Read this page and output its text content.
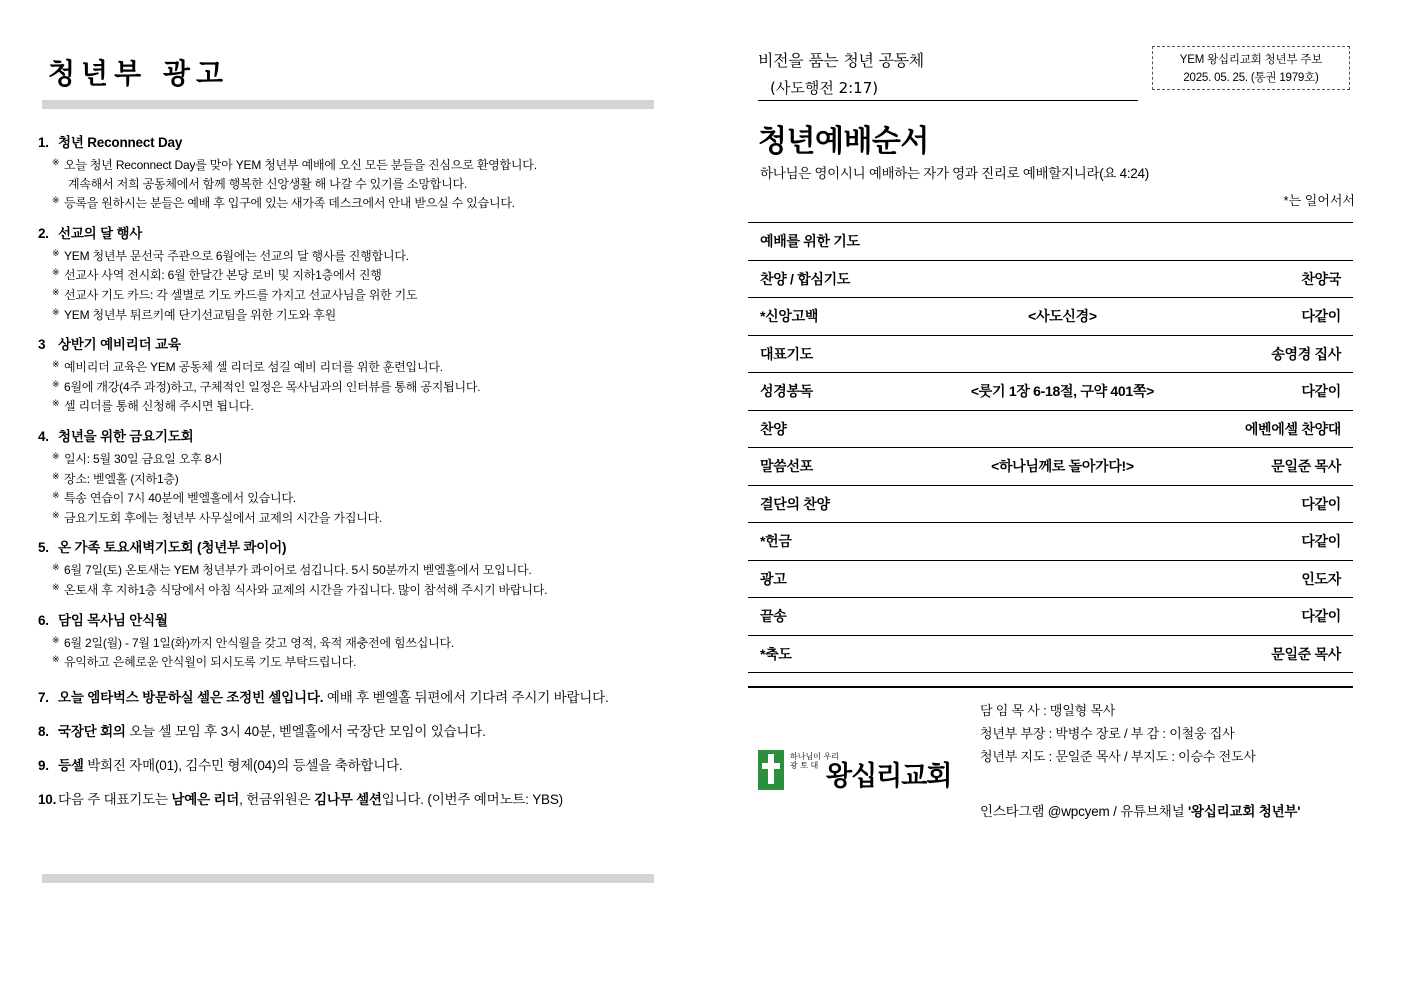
청년부 광고
1. 청년 Reconnect Day
※ 오늘 청년 Reconnect Day를 맞아 YEM 청년부 예배에 오신 모든 분들을 진심으로 환영합니다.
계속해서 저희 공동체에서 함께 행복한 신앙생활 해 나갈 수 있기를 소망합니다.
※ 등록을 원하시는 분들은 예배 후 입구에 있는 새가족 데스크에서 안내 받으실 수 있습니다.
2. 선교의 달 행사
※ YEM 청년부 문선국 주관으로 6월에는 선교의 달 행사를 진행합니다.
※ 선교사 사역 전시회: 6월 한달간 본당 로비 및 지하1층에서 진행
※ 선교사 기도 카드: 각 셀별로 기도 카드를 가지고 선교사님을 위한 기도
※ YEM 청년부 튀르키예 단기선교팀을 위한 기도와 후원
3 상반기 예비리더 교육
※ 예비리더 교육은 YEM 공동체 셀 리더로 섬길 예비 리더를 위한 훈련입니다.
※ 6월에 개강(4주 과정)하고, 구체적인 일정은 목사님과의 인터뷰를 통해 공지됩니다.
※ 셀 리더를 통해 신청해 주시면 됩니다.
4. 청년을 위한 금요기도회
※ 일시: 5월 30일 금요일 오후 8시
※ 장소: 벧엘홀 (지하1층)
※ 특송 연습이 7시 40분에 벧엘홀에서 있습니다.
※ 금요기도회 후에는 청년부 사무실에서 교제의 시간을 가집니다.
5. 온 가족 토요새벽기도회 (청년부 콰이어)
※ 6월 7일(토) 온토새는 YEM 청년부가 콰이어로 섬깁니다. 5시 50분까지 벧엘홀에서 모입니다.
※ 온토새 후 지하1층 식당에서 아침 식사와 교제의 시간을 가집니다. 많이 참석해 주시기 바랍니다.
6. 담임 목사님 안식월
※ 6월 2일(월) - 7월 1일(화)까지 안식월을 갖고 영적, 육적 재충전에 힘쓰십니다.
※ 유익하고 은혜로운 안식월이 되시도록 기도 부탁드립니다.
7. 오늘 엠타벅스 방문하실 셀은 조정빈 셀입니다. 예배 후 벧엘홀 뒤편에서 기다려 주시기 바랍니다.
8. 국장단 회의 오늘 셀 모임 후 3시 40분, 벧엘홀에서 국장단 모임이 있습니다.
9. 등셀 박희진 자매(01), 김수민 형제(04)의 등셀을 축하합니다.
10. 다음 주 대표기도는 남예은 리더, 헌금위원은 김나무 셀션입니다. (이번주 예머노트: YBS)
비전을 품는 청년 공동체
(사도행전 2:17)
YEM 왕십리교회 청년부 주보
2025. 05. 25. (통권 1979호)
청년예배순서
하나님은 영이시니 예배하는 자가 영과 진리로 예배할지니라(요 4:24)
*는 일어서서
예배를 위한 기도		
찬양 / 합심기도		찬양국
*신앙고백	<사도신경>	다같이
대표기도		송영경 집사
성경봉독	<룻기 1장 6-18절, 구약 401쪽>	다같이
찬양		에벤에셀 찬양대
말씀선포	<하나님께로 돌아가다!>	문일준 목사
결단의 찬양		다같이
*헌금		다같이
광고		인도자
끝송		다같이
*축도		문일준 목사
담 임 목 사 : 맹일형 목사
청년부 부장 : 박병수 장로 / 부 감 : 이철웅 집사
청년부 지도 : 문일준 목사 / 부지도 : 이승수 전도사
하나님이 우리
광 토 대 왕십리교회
인스타그램 @wpcyem / 유튜브채널 '왕십리교회 청년부'
